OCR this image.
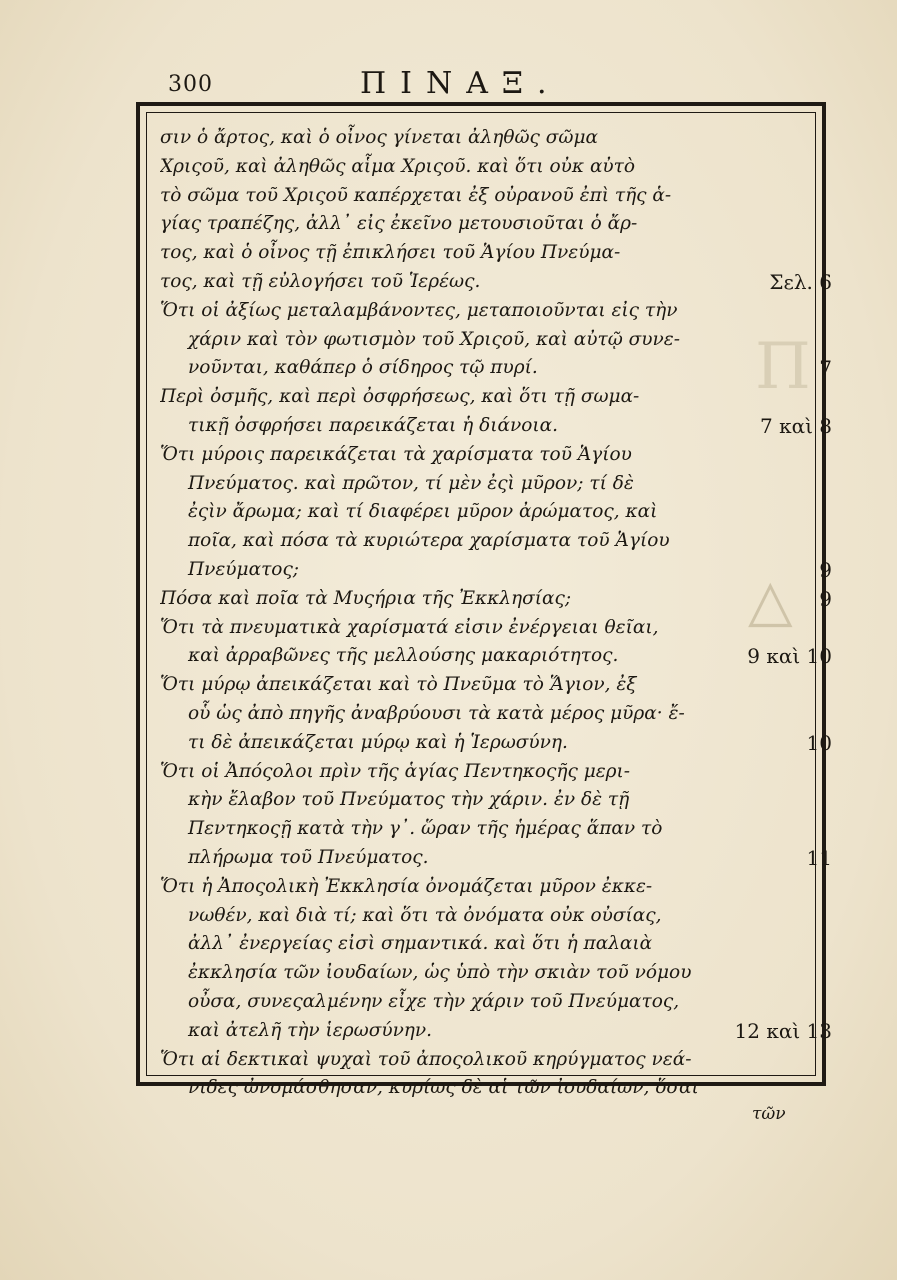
300	ΠΙΝΑΞ.
Π
△
σιν ὁ ἄρτος, καὶ ὁ οἶνος γίνεται ἀληθῶς σῶμα
Χριςοῦ, καὶ ἀληθῶς αἷμα Χριςοῦ. καὶ ὅτι οὐκ αὐτὸ
τὸ σῶμα τοῦ Χριςοῦ καπέρχεται ἐξ οὐρανοῦ ἐπὶ τῆς ἁ-
γίας τραπέζης, ἀλλ᾽ εἰς ἐκεῖνο μετουσιοῦται ὁ ἄρ-
τος, καὶ ὁ οἶνος τῇ ἐπικλήσει τοῦ Ἁγίου Πνεύμα-
τος, καὶ τῇ εὐλογήσει τοῦ Ἱερέως.	Σελ. 6
Ὅτι οἱ ἀξίως μεταλαμβάνοντες, μεταποιοῦνται εἰς τὴν
χάριν καὶ τὸν φωτισμὸν τοῦ Χριςοῦ, καὶ αὐτῷ συνε-
νοῦνται, καθάπερ ὁ σίδηρος τῷ πυρί.	7
Περὶ ὀσμῆς, καὶ περὶ ὀσφρήσεως, καὶ ὅτι τῇ σωμα-
τικῇ ὀσφρήσει παρεικάζεται ἡ διάνοια.	7 καὶ 8
Ὅτι μύροις παρεικάζεται τὰ χαρίσματα τοῦ Ἁγίου
Πνεύματος. καὶ πρῶτον, τί μὲν ἐςὶ μῦρον; τί δὲ
ἐςὶν ἄρωμα; καὶ τί διαφέρει μῦρον ἀρώματος, καὶ
ποῖα, καὶ πόσα τὰ κυριώτερα χαρίσματα τοῦ Ἁγίου
Πνεύματος;	9
Πόσα καὶ ποῖα τὰ Μυςήρια τῆς Ἐκκλησίας;	9
Ὅτι τὰ πνευματικὰ χαρίσματά εἰσιν ἐνέργειαι θεῖαι,
καὶ ἀρραβῶνες τῆς μελλούσης μακαριότητος.	9 καὶ 10
Ὅτι μύρῳ ἀπεικάζεται καὶ τὸ Πνεῦμα τὸ Ἅγιον, ἐξ
οὗ ὡς ἀπὸ πηγῆς ἀναβρύουσι τὰ κατὰ μέρος μῦρα· ἔ-
τι δὲ ἀπεικάζεται μύρῳ καὶ ἡ Ἱερωσύνη.	10
Ὅτι οἱ Ἀπόςολοι πρὶν τῆς ἁγίας Πεντηκοςῆς μερι-
κὴν ἔλαβον τοῦ Πνεύματος τὴν χάριν. ἐν δὲ τῇ
Πεντηκοςῇ κατὰ τὴν γ᾽. ὥραν τῆς ἡμέρας ἅπαν τὸ
πλήρωμα τοῦ Πνεύματος.	11
Ὅτι ἡ Ἀποςολικὴ Ἐκκλησία ὀνομάζεται μῦρον ἐκκε-
νωθέν, καὶ διὰ τί; καὶ ὅτι τὰ ὀνόματα οὐκ οὐσίας,
ἀλλ᾽ ἐνεργείας εἰσὶ σημαντικά. καὶ ὅτι ἡ παλαιὰ
ἐκκλησία τῶν ἰουδαίων, ὡς ὑπὸ τὴν σκιὰν τοῦ νόμου
οὖσα, συνεςαλμένην εἶχε τὴν χάριν τοῦ Πνεύματος,
καὶ ἀτελῆ τὴν ἱερωσύνην.	12 καὶ 13
Ὅτι αἱ δεκτικαὶ ψυχαὶ τοῦ ἀποςολικοῦ κηρύγματος νεά-
νιδες ὠνομάσθησαν, κυρίως δὲ αἱ τῶν ἰουδαίων, ὅσαι
τῶν
